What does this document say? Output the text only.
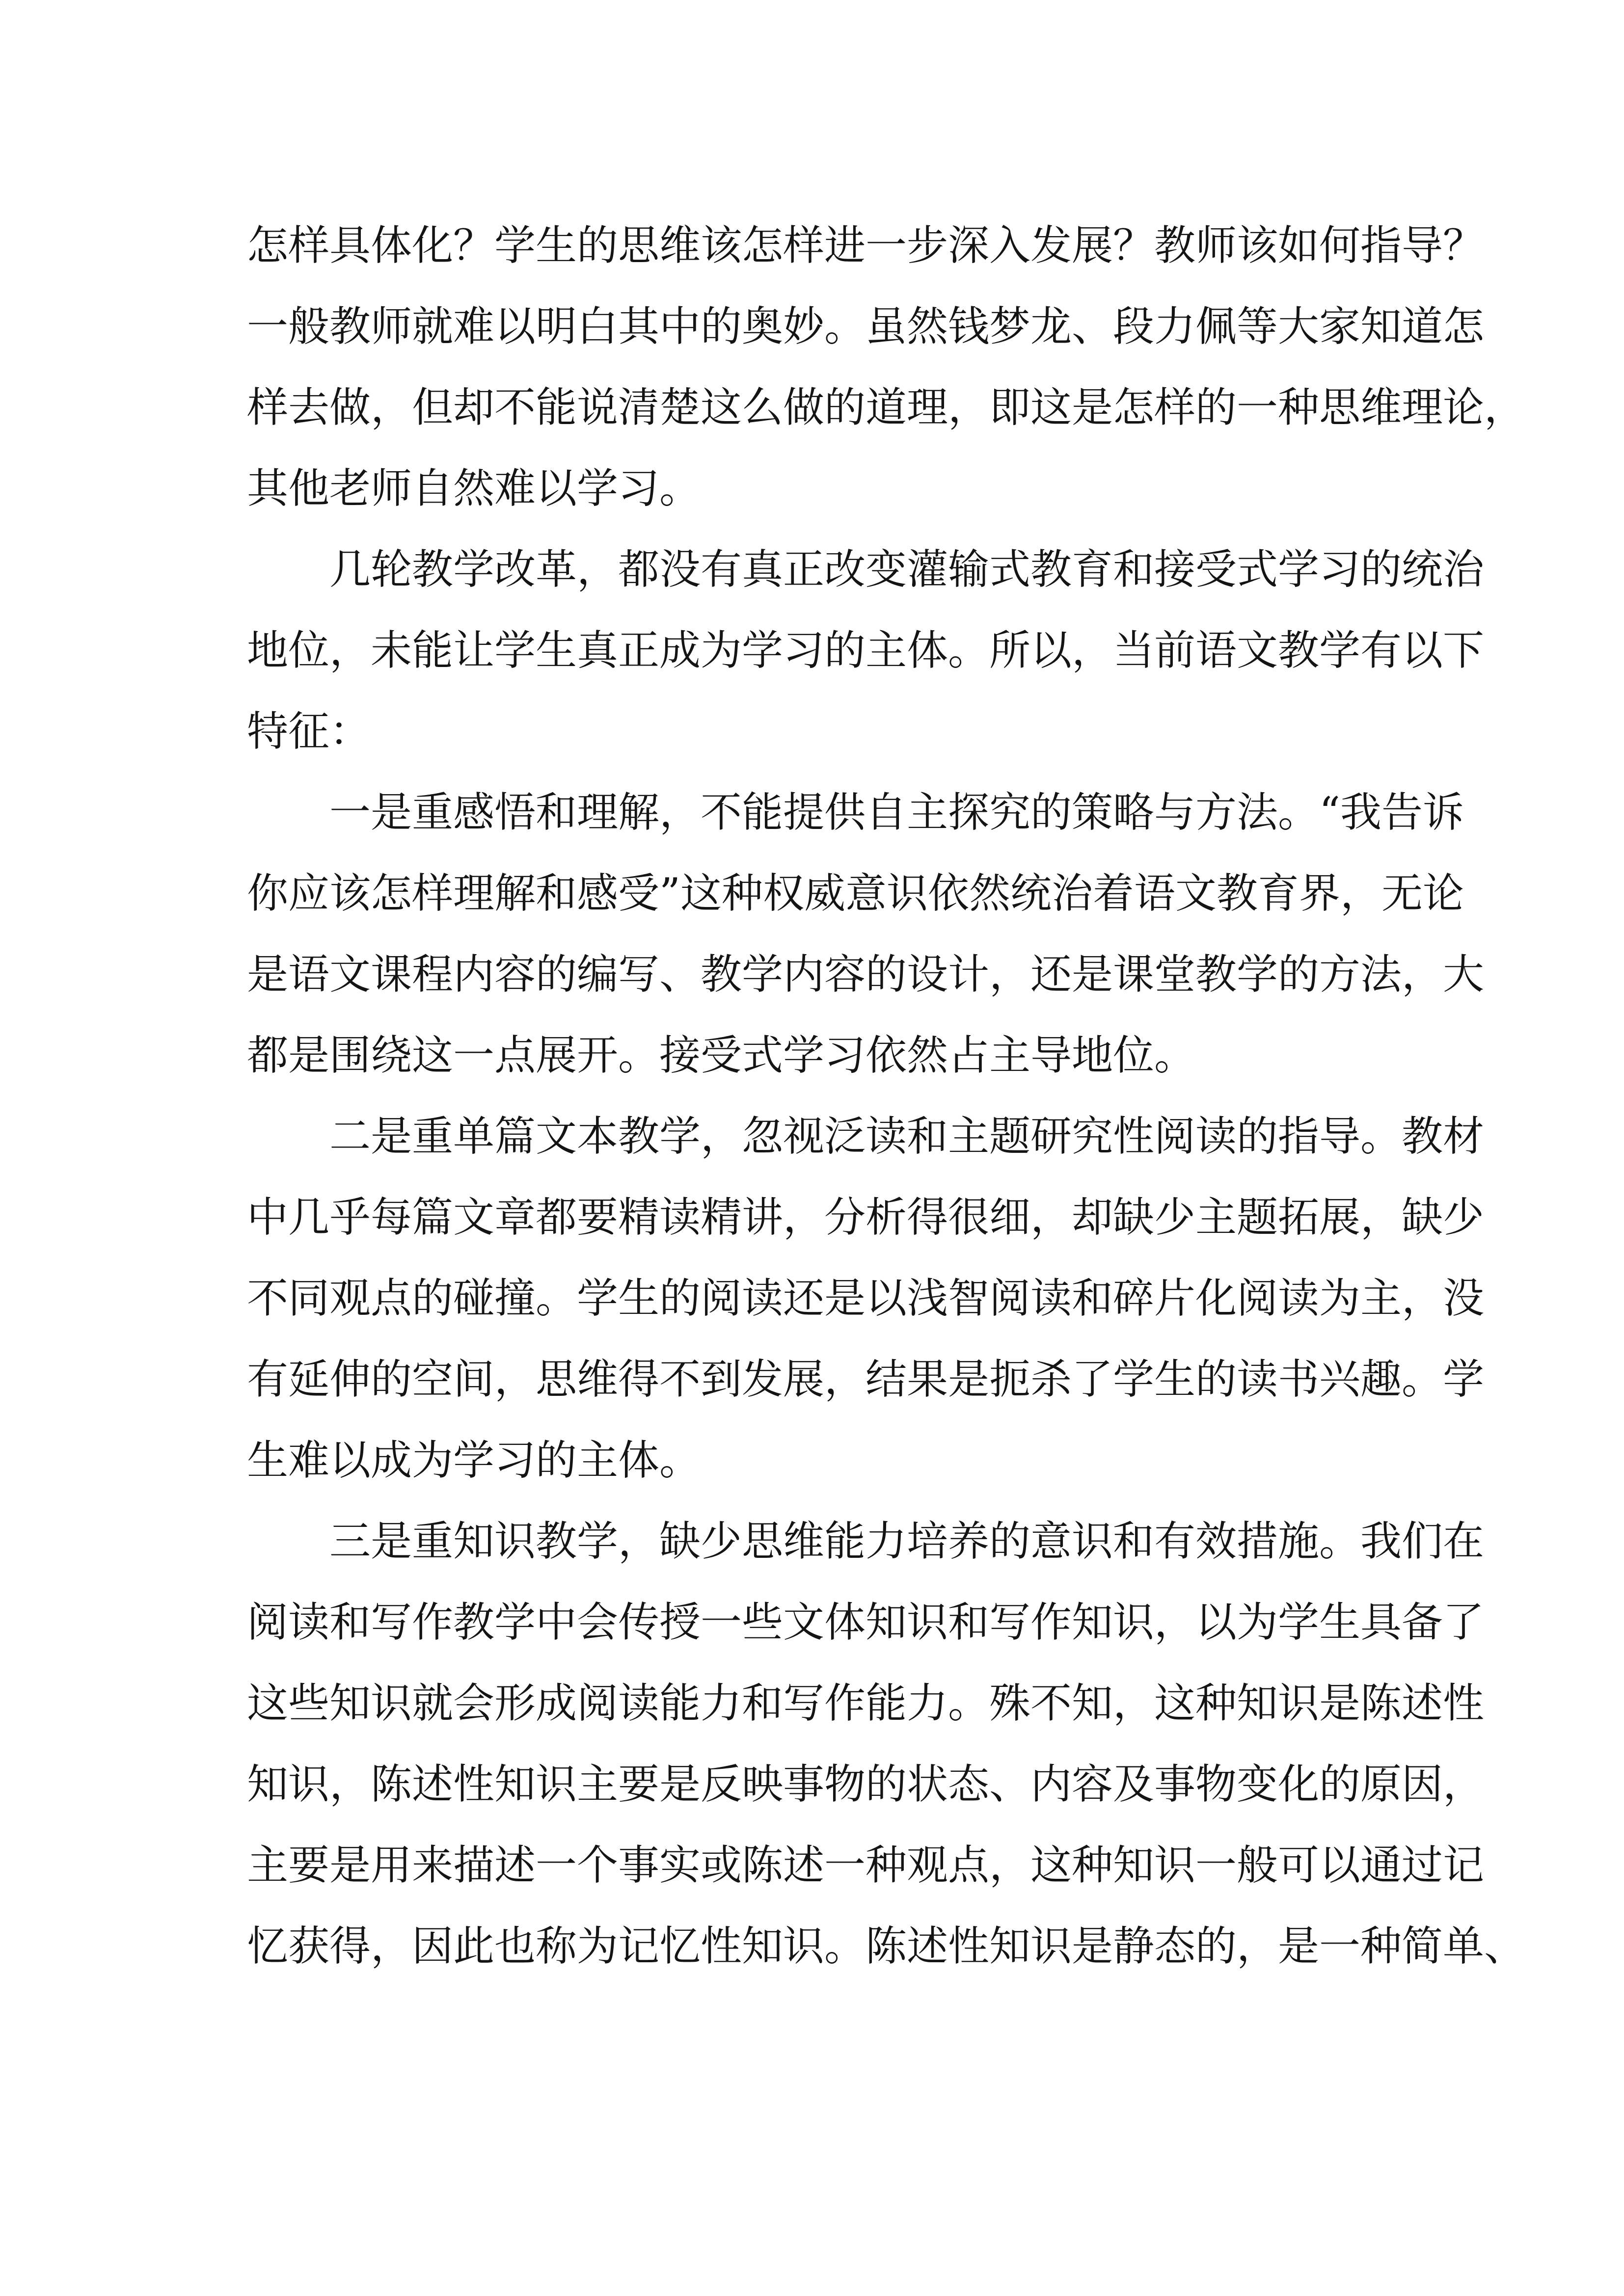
怎样具体化？学生的思维该怎样进一步深入发展？教师该如何指导？
一般教师就难以明白其中的奥妙。虽然钱梦龙、段力佩等大家知道怎
样去做，但却不能说清楚这么做的道理，即这是怎样的一种思维理论，
其他老师自然难以学习。
几轮教学改革，都没有真正改变灌输式教育和接受式学习的统治
地位，未能让学生真正成为学习的主体。所以，当前语文教学有以下
特征：
一是重感悟和理解，不能提供自主探究的策略与方法。“我告诉
你应该怎样理解和感受”这种权威意识依然统治着语文教育界，无论
是语文课程内容的编写、教学内容的设计，还是课堂教学的方法，大
都是围绕这一点展开。接受式学习依然占主导地位。
二是重单篇文本教学，忽视泛读和主题研究性阅读的指导。教材
中几乎每篇文章都要精读精讲，分析得很细，却缺少主题拓展，缺少
不同观点的碰撞。学生的阅读还是以浅智阅读和碎片化阅读为主，没
有延伸的空间，思维得不到发展，结果是扼杀了学生的读书兴趣。学
生难以成为学习的主体。
三是重知识教学，缺少思维能力培养的意识和有效措施。我们在
阅读和写作教学中会传授一些文体知识和写作知识，以为学生具备了
这些知识就会形成阅读能力和写作能力。殊不知，这种知识是陈述性
知识，陈述性知识主要是反映事物的状态、内容及事物变化的原因，
主要是用来描述一个事实或陈述一种观点，这种知识一般可以通过记
忆获得，因此也称为记忆性知识。陈述性知识是静态的，是一种简单、
